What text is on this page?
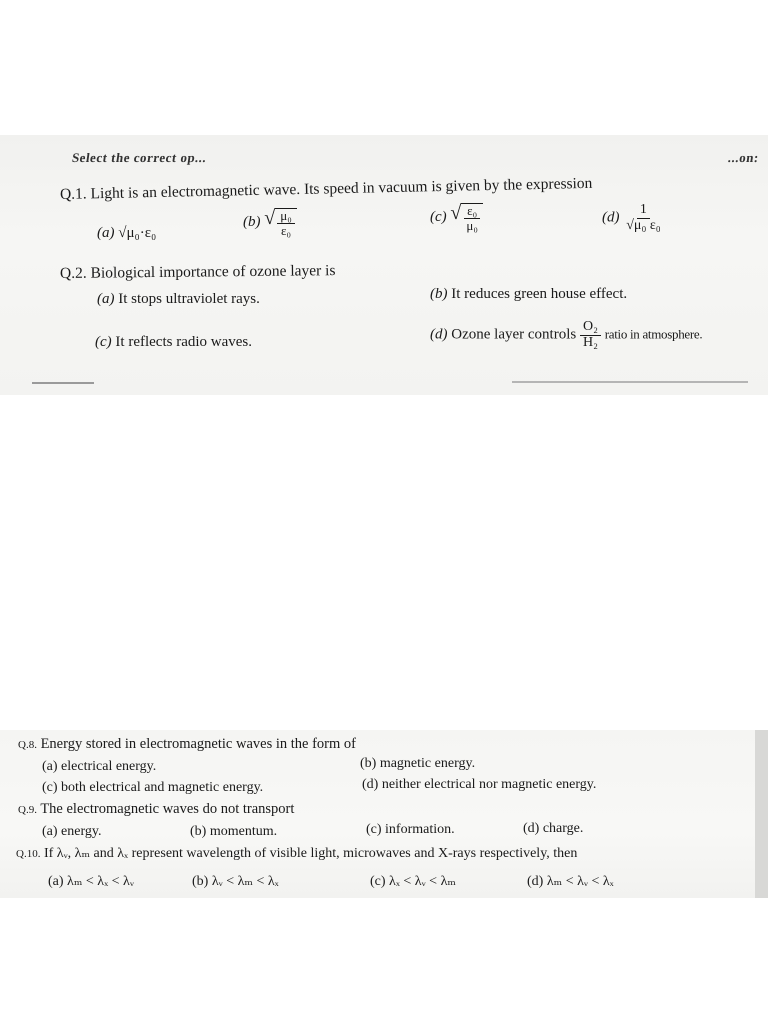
Select the correct op...	...on:
Q.1. Light is an electromagnetic wave. Its speed in vacuum is given by the expression
(a) √μ₀·ε₀
(b) √ $\frac{\text{μ₀}}{\text{ε₀}}$	(c) √ $\frac{\text{ε₀}}{\text{μ₀}}$	$(d) \frac{1}{\text{√μ₀ ε₀}}$
Q.2. Biological importance of ozone layer is
(a) It stops ultraviolet rays.	(b) It reduces green house effect.
(c) It reflects radio waves.	(d) Ozone layer controls $\frac{\text{O₂}}{\text{H₂}}$ ratio in atmosphere.
Q.8. Energy stored in electromagnetic waves in the form of
(a) electrical energy.	(b) magnetic energy.
(c) both electrical and magnetic energy.	(d) neither electrical nor magnetic energy.
Q.9. The electromagnetic waves do not transport
(a) energy.	(b) momentum.	(c) information.	(d) charge.
Q.10. If λᵥ, λₘ and λₓ represent wavelength of visible light, microwaves and X-rays respectively, then
(a) λₘ < λₓ < λᵥ	(b) λᵥ < λₘ < λₓ	(c) λₓ < λᵥ < λₘ	(d) λₘ < λᵥ < λₓ
